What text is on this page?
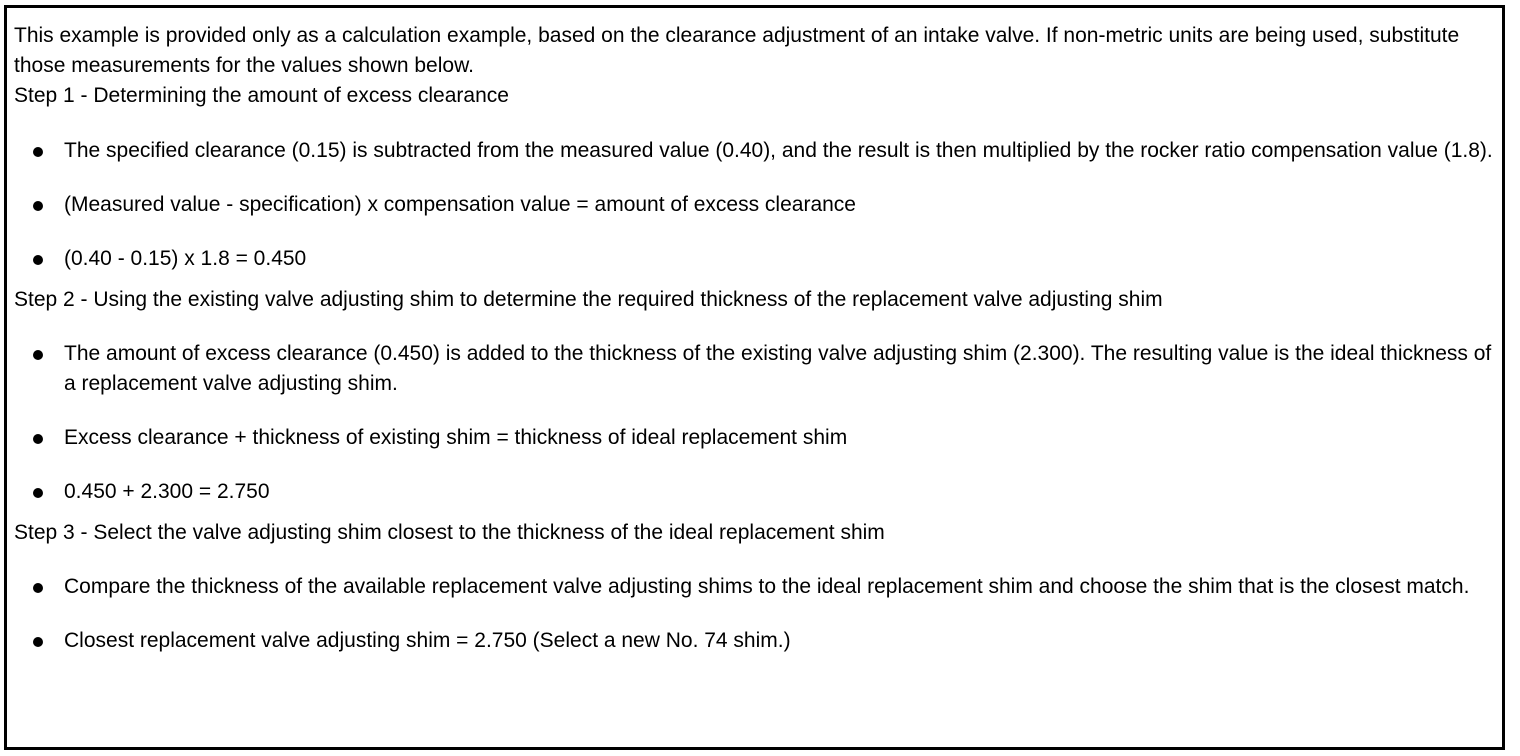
This example is provided only as a calculation example, based on the clearance adjustment of an intake valve. If non-metric units are being used, substitute those measurements for the values shown below.

Step 1 - Determining the amount of excess clearance

The specified clearance (0.15) is subtracted from the measured value (0.40), and the result is then multiplied by the rocker ratio compensation value (1.8).
(Measured value - specification) x compensation value = amount of excess clearance
(0.40 - 0.15) x 1.8 = 0.450

Step 2 - Using the existing valve adjusting shim to determine the required thickness of the replacement valve adjusting shim

The amount of excess clearance (0.450) is added to the thickness of the existing valve adjusting shim (2.300). The resulting value is the ideal thickness of a replacement valve adjusting shim.
Excess clearance + thickness of existing shim = thickness of ideal replacement shim
0.450 + 2.300 = 2.750

Step 3 - Select the valve adjusting shim closest to the thickness of the ideal replacement shim

Compare the thickness of the available replacement valve adjusting shims to the ideal replacement shim and choose the shim that is the closest match.
Closest replacement valve adjusting shim = 2.750 (Select a new No. 74 shim.)
